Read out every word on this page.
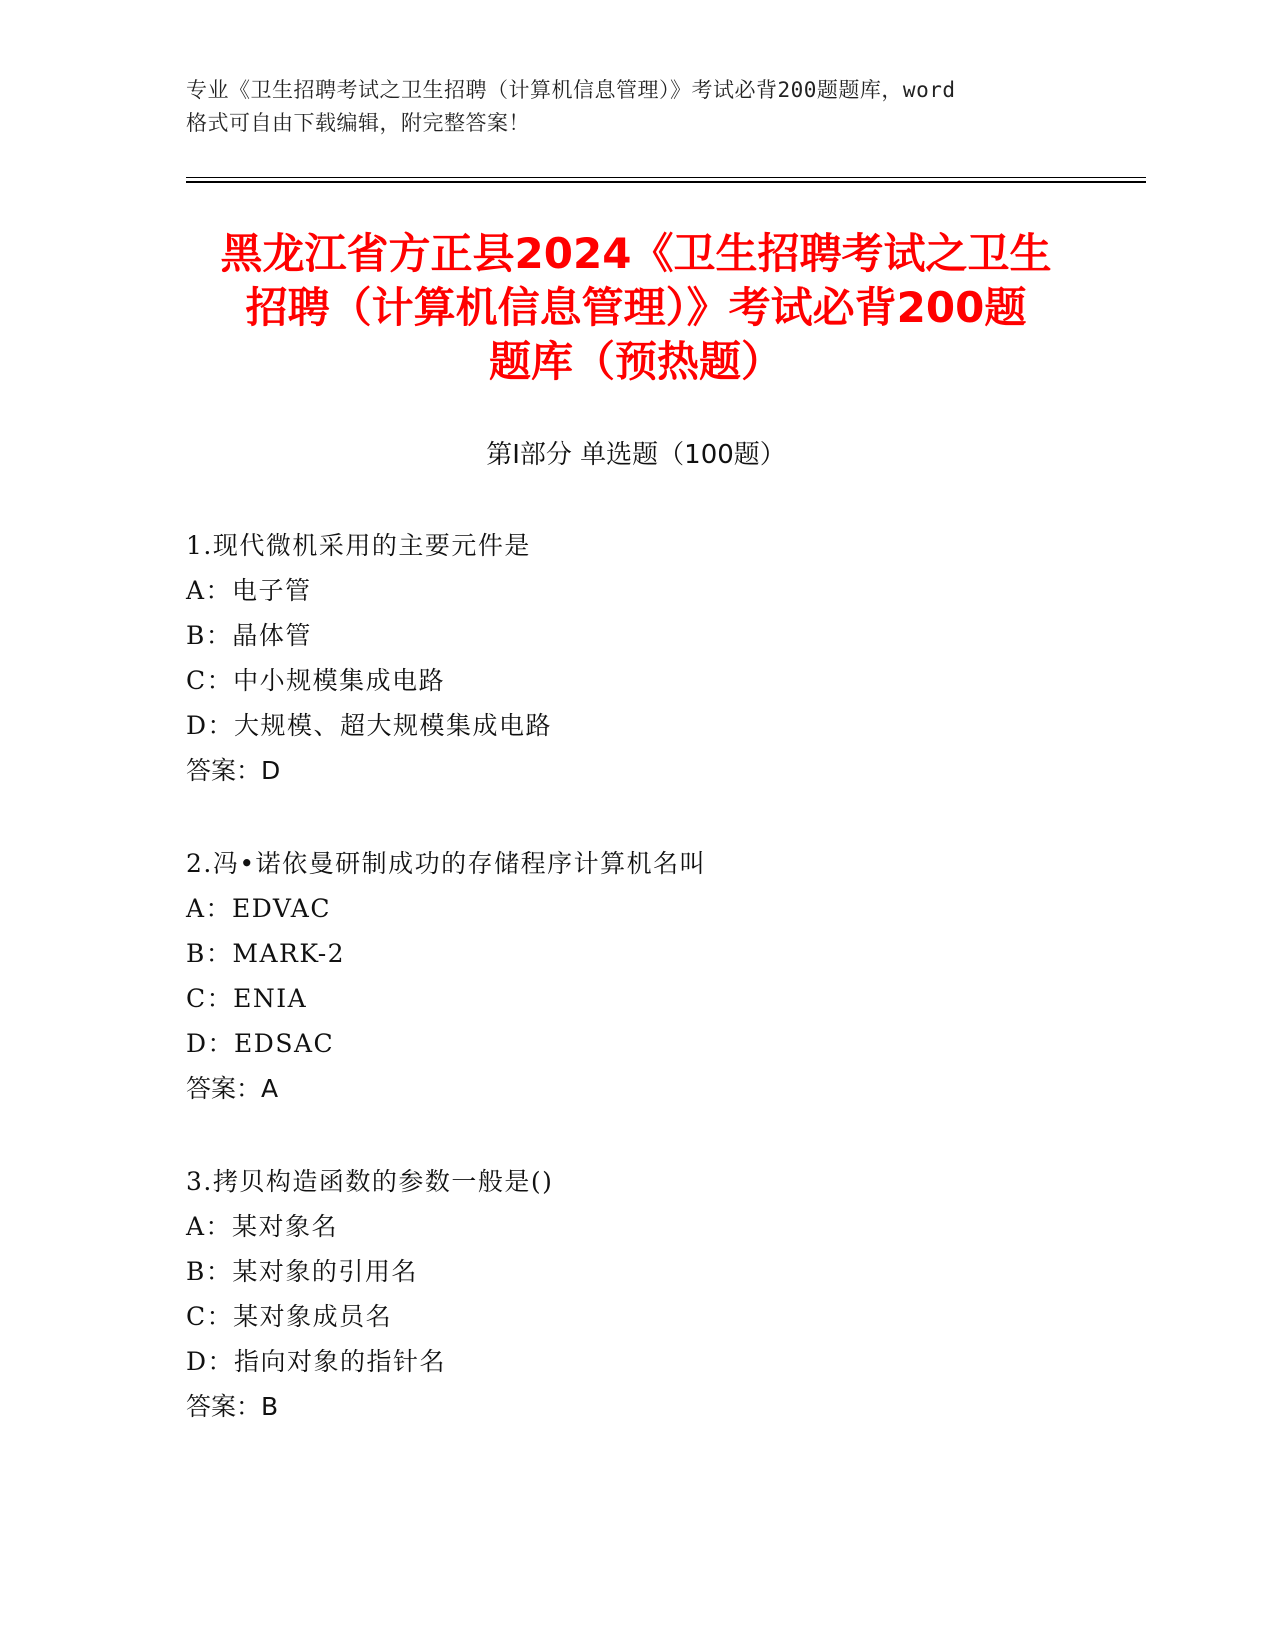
专业《卫生招聘考试之卫生招聘（计算机信息管理）》考试必背200题题库，word
格式可自由下载编辑，附完整答案！
黑龙江省方正县2024《卫生招聘考试之卫生
招聘（计算机信息管理）》考试必背200题
题库（预热题）
第Ⅰ部分 单选题（100题）
1.现代微机采用的主要元件是
A：电子管
B：晶体管
C：中小规模集成电路
D：大规模、超大规模集成电路
答案：D
2.冯•诺依曼研制成功的存储程序计算机名叫
A：EDVAC
B：MARK-2
C：ENIA
D：EDSAC
答案：A
3.拷贝构造函数的参数一般是()
A：某对象名
B：某对象的引用名
C：某对象成员名
D：指向对象的指针名
答案：B
